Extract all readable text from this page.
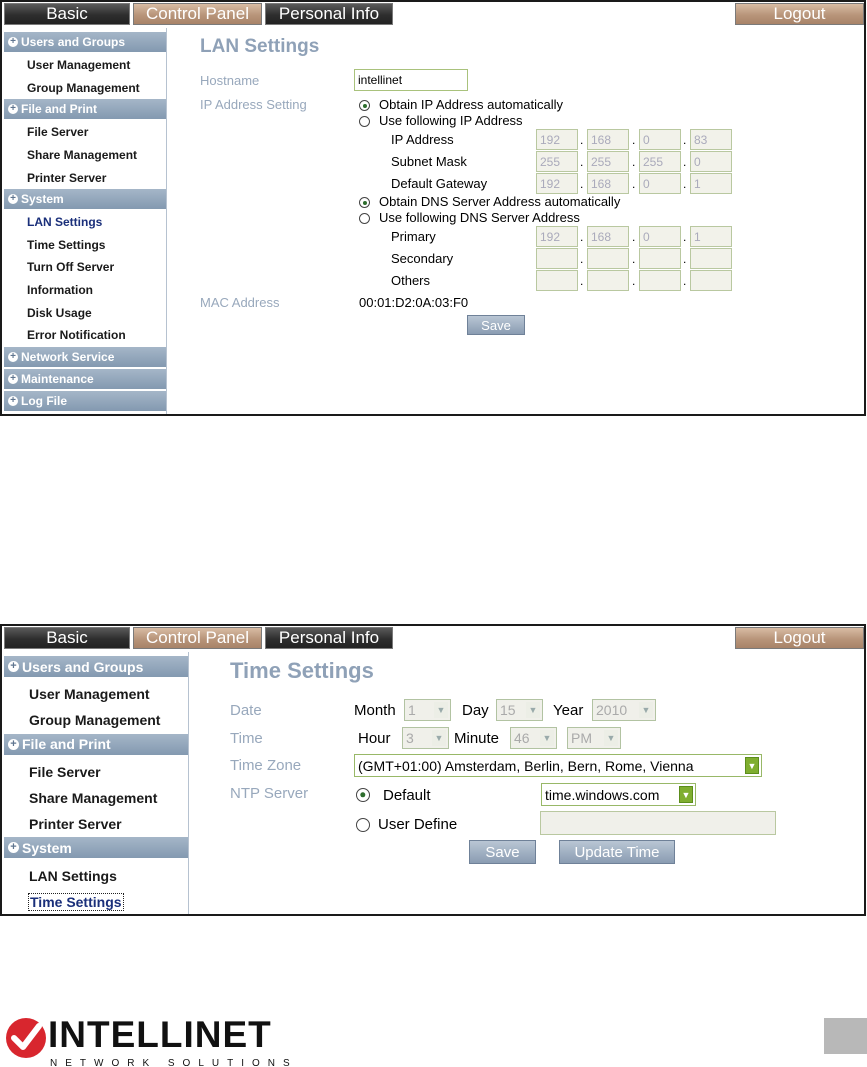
Basic	Control Panel	Personal Info	Logout
+ Users and Groups
User Management
Group Management
+ File and Print
File Server
Share Management
Printer Server
+ System
LAN Settings
Time Settings
Turn Off Server
Information
Disk Usage
Error Notification
+ Network Service
+ Maintenance
+ Log File
LAN Settings
Hostname	intellinet
IP Address Setting	Obtain IP Address automatically
Use following IP Address
IP Address	192	. 168	. 0	. 83
Subnet Mask	255	. 255	. 255	. 0
Default Gateway	192	. 168	. 0	. 1
Obtain DNS Server Address automatically
Use following DNS Server Address
Primary	192	. 168	. 0	. 1
Secondary	.	.	.
Others	.	.	.
MAC Address	00:01:D2:0A:03:F0
Save
Basic	Control Panel	Personal Info	Logout
+ Users and Groups
User Management
Group Management
+ File and Print
File Server
Share Management
Printer Server
+ System
LAN Settings
Time Settings
Time Settings
Date	Month 1 ▼ Day 15 ▼ Year 2010 ▼
Time	Hour 3 ▼ Minute 46 ▼ PM ▼
Time Zone	(GMT+01:00) Amsterdam, Berlin, Bern, Rome, Vienna	▼
NTP Server	Default	time.windows.com ▼
User Define
Save	Update Time
INTELLINET
NETWORK SOLUTIONS
